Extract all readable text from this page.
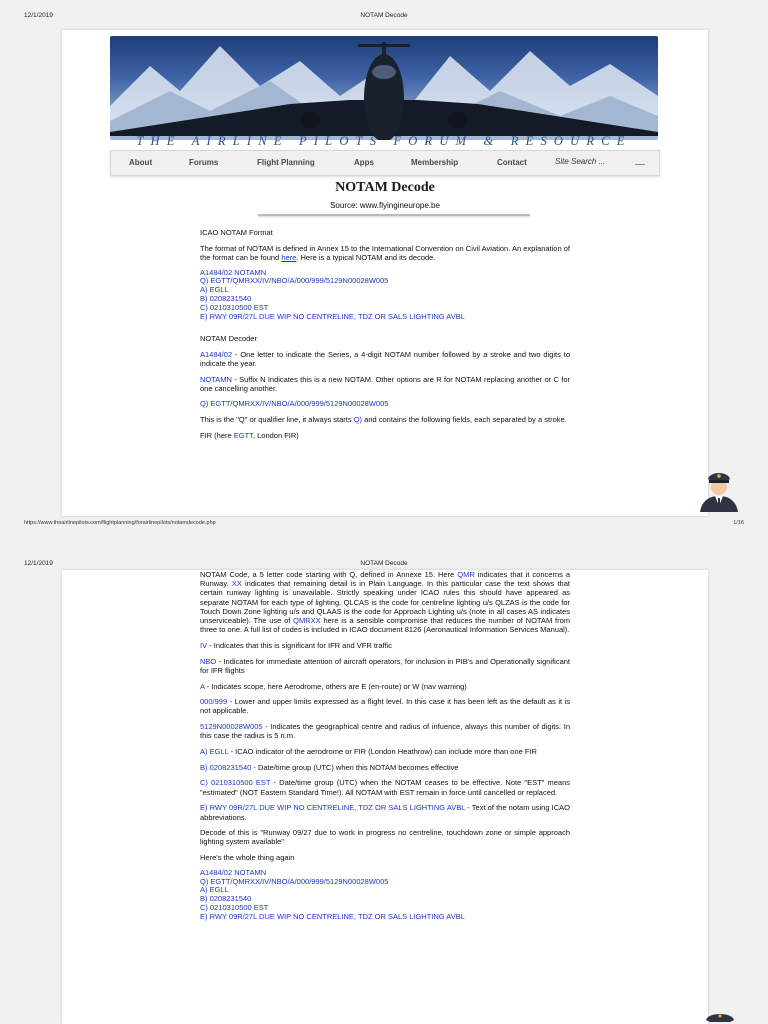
12/1/2019	NOTAM Decode
THE AIRLINE PILOTS FORUM & RESOURCE
About	Forums	Flight Planning	Apps	Membership	Contact	Site Search ...
NOTAM Decode
Source: www.flyingineurope.be

ICAO NOTAM Format

The format of NOTAM is defined in Annex 15 to the International Convention on Civil Aviation. An explanation of the format can be found here. Here is a typical NOTAM and its decode.

A1484/02 NOTAMN
Q) EGTT/QMRXX/IV/NBO/A/000/999/5129N00028W005
A) EGLL
B) 0208231540
C) 0210310500 EST
E) RWY 09R/27L DUE WIP NO CENTRELINE, TDZ OR SALS LIGHTING AVBL

NOTAM Decoder

A1484/02 - One letter to indicate the Series, a 4-digit NOTAM number followed by a stroke and two digits to indicate the year.

NOTAMN - Suffix N Indicates this is a new NOTAM. Other options are R for NOTAM replacing another or C for one cancelling another.

Q) EGTT/QMRXX/IV/NBO/A/000/999/5129N00028W005

This is the "Q" or qualifier line, it always starts Q) and contains the following fields, each separated by a stroke.

FIR (here EGTT, London FIR)

https://www.theairlinepilots.com/flightplanning/forairlinepilots/notamdecode.php	1/16
12/1/2019	NOTAM Decode

NOTAM Code, a 5 letter code starting with Q, defined in Annexe 15. Here QMR indicates that it concerns a Runway. XX indicates that remaining detail is in Plain Language. In this particular case the text shows that certain runway lighting is unavailable. Strictly speaking under ICAO rules this should have appeared as separate NOTAM for each type of lighting. QLCAS is the code for centreline lighting u/s QLZAS is the code for Touch Down Zone lighting u/s and QLAAS is the code for Approach Lighting u/s (note in all cases AS indicates unserviceable). The use of QMRXX here is a sensible compromise that reduces the number of NOTAM from three to one. A full list of codes is included in ICAO document 8126 (Aeronautical Information Services Manual).

IV - Indicates that this is significant for IFR and VFR traffic

NBO - Indicates for immediate attention of aircraft operators, for inclusion in PIB's and Operationally significant for IFR flights

A - Indicates scope, here Aerodrome, others are E (en-route) or W (nav warning)

000/999 - Lower and upper limits expressed as a flight level. In this case it has been left as the default as it is not applicable.

5129N00028W005 - Indicates the geographical centre and radius of infuence, always this number of digits. In this case the radius is 5 n.m.

A) EGLL - ICAO indicator of the aerodrome or FIR (London Heathrow) can include more than one FIR

B) 0208231540 - Date/time group (UTC) when this NOTAM becomes effective

C) 0210310500 EST - Date/time group (UTC) when the NOTAM ceases to be effective. Note "EST" means "estimated" (NOT Eastern Standard Time!). All NOTAM with EST remain in force until cancelled or replaced.

E) RWY 09R/27L DUE WIP NO CENTRELINE, TDZ OR SALS LIGHTING AVBL - Text of the notam using ICAO abbreviations.

Decode of this is "Runway 09/27 due to work in progress no centreline, touchdown zone or simple approach lighting system available"

Here's the whole thing again

A1484/02 NOTAMN
Q) EGTT/QMRXX/IV/NBO/A/000/999/5129N00028W005
A) EGLL
B) 0208231540
C) 0210310500 EST
E) RWY 09R/27L DUE WIP NO CENTRELINE, TDZ OR SALS LIGHTING AVBL
